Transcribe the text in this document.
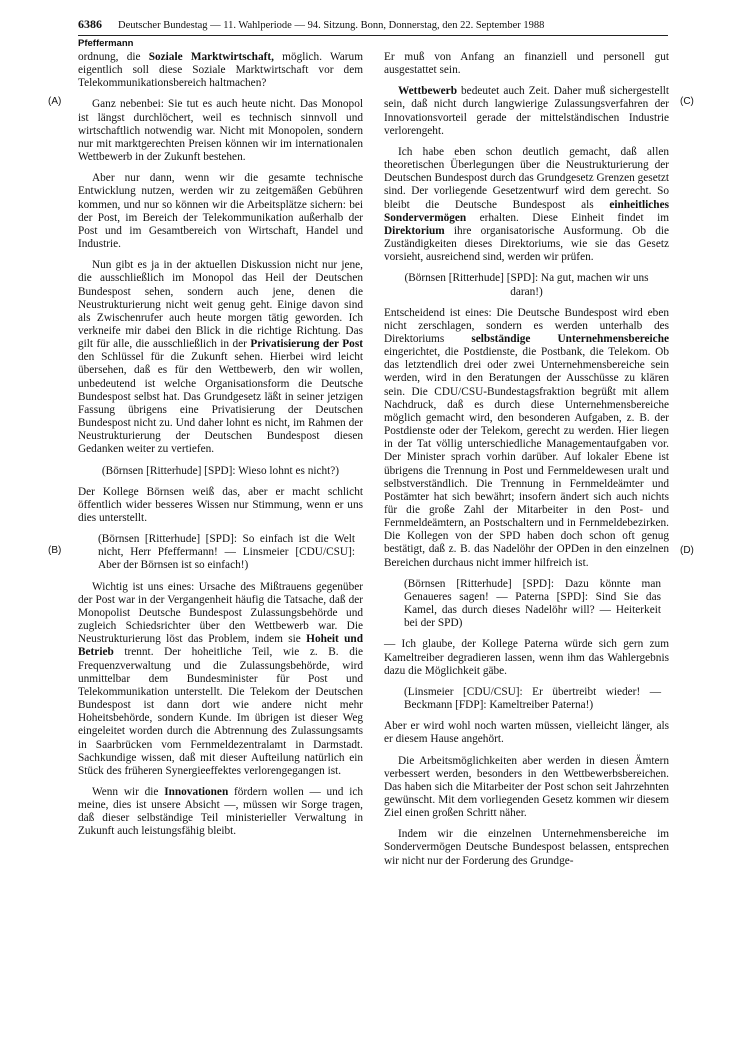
6386 Deutscher Bundestag — 11. Wahlperiode — 94. Sitzung. Bonn, Donnerstag, den 22. September 1988
Pfeffermann
(A)
(B)
(C)
(D)

ordnung, die Soziale Marktwirtschaft, möglich. Warum eigentlich soll diese Soziale Marktwirtschaft vor dem Telekommunikationsbereich haltmachen?

Ganz nebenbei: Sie tut es auch heute nicht. Das Monopol ist längst durchlöchert, weil es technisch sinnvoll und wirtschaftlich notwendig war. Nicht mit Monopolen, sondern nur mit marktgerechten Preisen können wir im internationalen Wettbewerb in der Zukunft bestehen.

Aber nur dann, wenn wir die gesamte technische Entwicklung nutzen, werden wir zu zeitgemäßen Gebühren kommen, und nur so können wir die Arbeitsplätze sichern: bei der Post, im Bereich der Telekommunikation außerhalb der Post und im Gesamtbereich von Wirtschaft, Handel und Industrie.

Nun gibt es ja in der aktuellen Diskussion nicht nur jene, die ausschließlich im Monopol das Heil der Deutschen Bundespost sehen, sondern auch jene, denen die Neustrukturierung nicht weit genug geht. Einige davon sind als Zwischenrufer auch heute morgen tätig geworden. Ich verkneife mir dabei den Blick in die richtige Richtung. Das gilt für alle, die ausschließlich in der Privatisierung der Post den Schlüssel für die Zukunft sehen. Hierbei wird leicht übersehen, daß es für den Wettbewerb, den wir wollen, unbedeutend ist welche Organisationsform die Deutsche Bundespost selbst hat. Das Grundgesetz läßt in seiner jetzigen Fassung übrigens eine Privatisierung der Deutschen Bundespost nicht zu. Und daher lohnt es nicht, im Rahmen der Neustrukturierung der Deutschen Bundespost diesen Gedanken weiter zu vertiefen.

(Börnsen [Ritterhude] [SPD]: Wieso lohnt es nicht?)

Der Kollege Börnsen weiß das, aber er macht schlicht öffentlich wider besseres Wissen nur Stimmung, wenn er uns dies unterstellt.

(Börnsen [Ritterhude] [SPD]: So einfach ist die Welt nicht, Herr Pfeffermann! — Linsmeier [CDU/CSU]: Aber der Börnsen ist so einfach!)

Wichtig ist uns eines: Ursache des Mißtrauens gegenüber der Post war in der Vergangenheit häufig die Tatsache, daß der Monopolist Deutsche Bundespost Zulassungsbehörde und zugleich Schiedsrichter über den Wettbewerb war. Die Neustrukturierung löst das Problem, indem sie Hoheit und Betrieb trennt. Der hoheitliche Teil, wie z. B. die Frequenzverwaltung und die Zulassungsbehörde, wird unmittelbar dem Bundesminister für Post und Telekommunikation unterstellt. Die Telekom der Deutschen Bundespost ist dann dort wie andere nicht mehr Hoheitsbehörde, sondern Kunde. Im übrigen ist dieser Weg eingeleitet worden durch die Abtrennung des Zulassungsamts in Saarbrücken vom Fernmeldezentralamt in Darmstadt. Sachkundige wissen, daß mit dieser Aufteilung natürlich ein Stück des früheren Synergieeffektes verlorengegangen ist.

Wenn wir die Innovationen fördern wollen — und ich meine, dies ist unsere Absicht —, müssen wir Sorge tragen, daß dieser selbständige Teil ministerieller Verwaltung in Zukunft auch leistungsfähig bleibt.

Er muß von Anfang an finanziell und personell gut ausgestattet sein.

Wettbewerb bedeutet auch Zeit. Daher muß sichergestellt sein, daß nicht durch langwierige Zulassungsverfahren der Innovationsvorteil gerade der mittelständischen Industrie verlorengeht.

Ich habe eben schon deutlich gemacht, daß allen theoretischen Überlegungen über die Neustrukturierung der Deutschen Bundespost durch das Grundgesetz Grenzen gesetzt sind. Der vorliegende Gesetzentwurf wird dem gerecht. So bleibt die Deutsche Bundespost als einheitliches Sondervermögen erhalten. Diese Einheit findet im Direktorium ihre organisatorische Ausformung. Ob die Zuständigkeiten dieses Direktoriums, wie sie das Gesetz vorsieht, ausreichend sind, werden wir prüfen.

(Börnsen [Ritterhude] [SPD]: Na gut, machen wir uns daran!)

Entscheidend ist eines: Die Deutsche Bundespost wird eben nicht zerschlagen, sondern es werden unterhalb des Direktoriums selbständige Unternehmensbereiche eingerichtet, die Postdienste, die Postbank, die Telekom. Ob das letztendlich drei oder zwei Unternehmensbereiche sein werden, wird in den Beratungen der Ausschüsse zu klären sein. Die CDU/CSU-Bundestagsfraktion begrüßt mit allem Nachdruck, daß es durch diese Unternehmensbereiche möglich gemacht wird, den besonderen Aufgaben, z. B. der Postdienste oder der Telekom, gerecht zu werden. Hier liegen in der Tat völlig unterschiedliche Managementaufgaben vor. Der Minister sprach vorhin darüber. Auf lokaler Ebene ist übrigens die Trennung in Post und Fernmeldewesen uralt und selbstverständlich. Die Trennung in Fernmeldeämter und Postämter hat sich bewährt; insofern ändert sich auch nichts für die große Zahl der Mitarbeiter in den Post- und Fernmeldeämtern, an Postschaltern und in Fernmeldebezirken. Die Kollegen von der SPD haben doch schon oft genug bestätigt, daß z. B. das Nadelöhr der OPDen in den einzelnen Bereichen durchaus nicht immer hilfreich ist.

(Börnsen [Ritterhude] [SPD]: Dazu könnte man Genaueres sagen! — Paterna [SPD]: Sind Sie das Kamel, das durch dieses Nadelöhr will? — Heiterkeit bei der SPD)

— Ich glaube, der Kollege Paterna würde sich gern zum Kameltreiber degradieren lassen, wenn ihm das Wahlergebnis dazu die Möglichkeit gäbe.

(Linsmeier [CDU/CSU]: Er übertreibt wieder! — Beckmann [FDP]: Kameltreiber Paterna!)

Aber er wird wohl noch warten müssen, vielleicht länger, als er diesem Hause angehört.

Die Arbeitsmöglichkeiten aber werden in diesen Ämtern verbessert werden, besonders in den Wettbewerbsbereichen. Das haben sich die Mitarbeiter der Post schon seit Jahrzehnten gewünscht. Mit dem vorliegenden Gesetz kommen wir diesem Ziel einen großen Schritt näher.

Indem wir die einzelnen Unternehmensbereiche im Sondervermögen Deutsche Bundespost belassen, entsprechen wir nicht nur der Forderung des Grundge-
